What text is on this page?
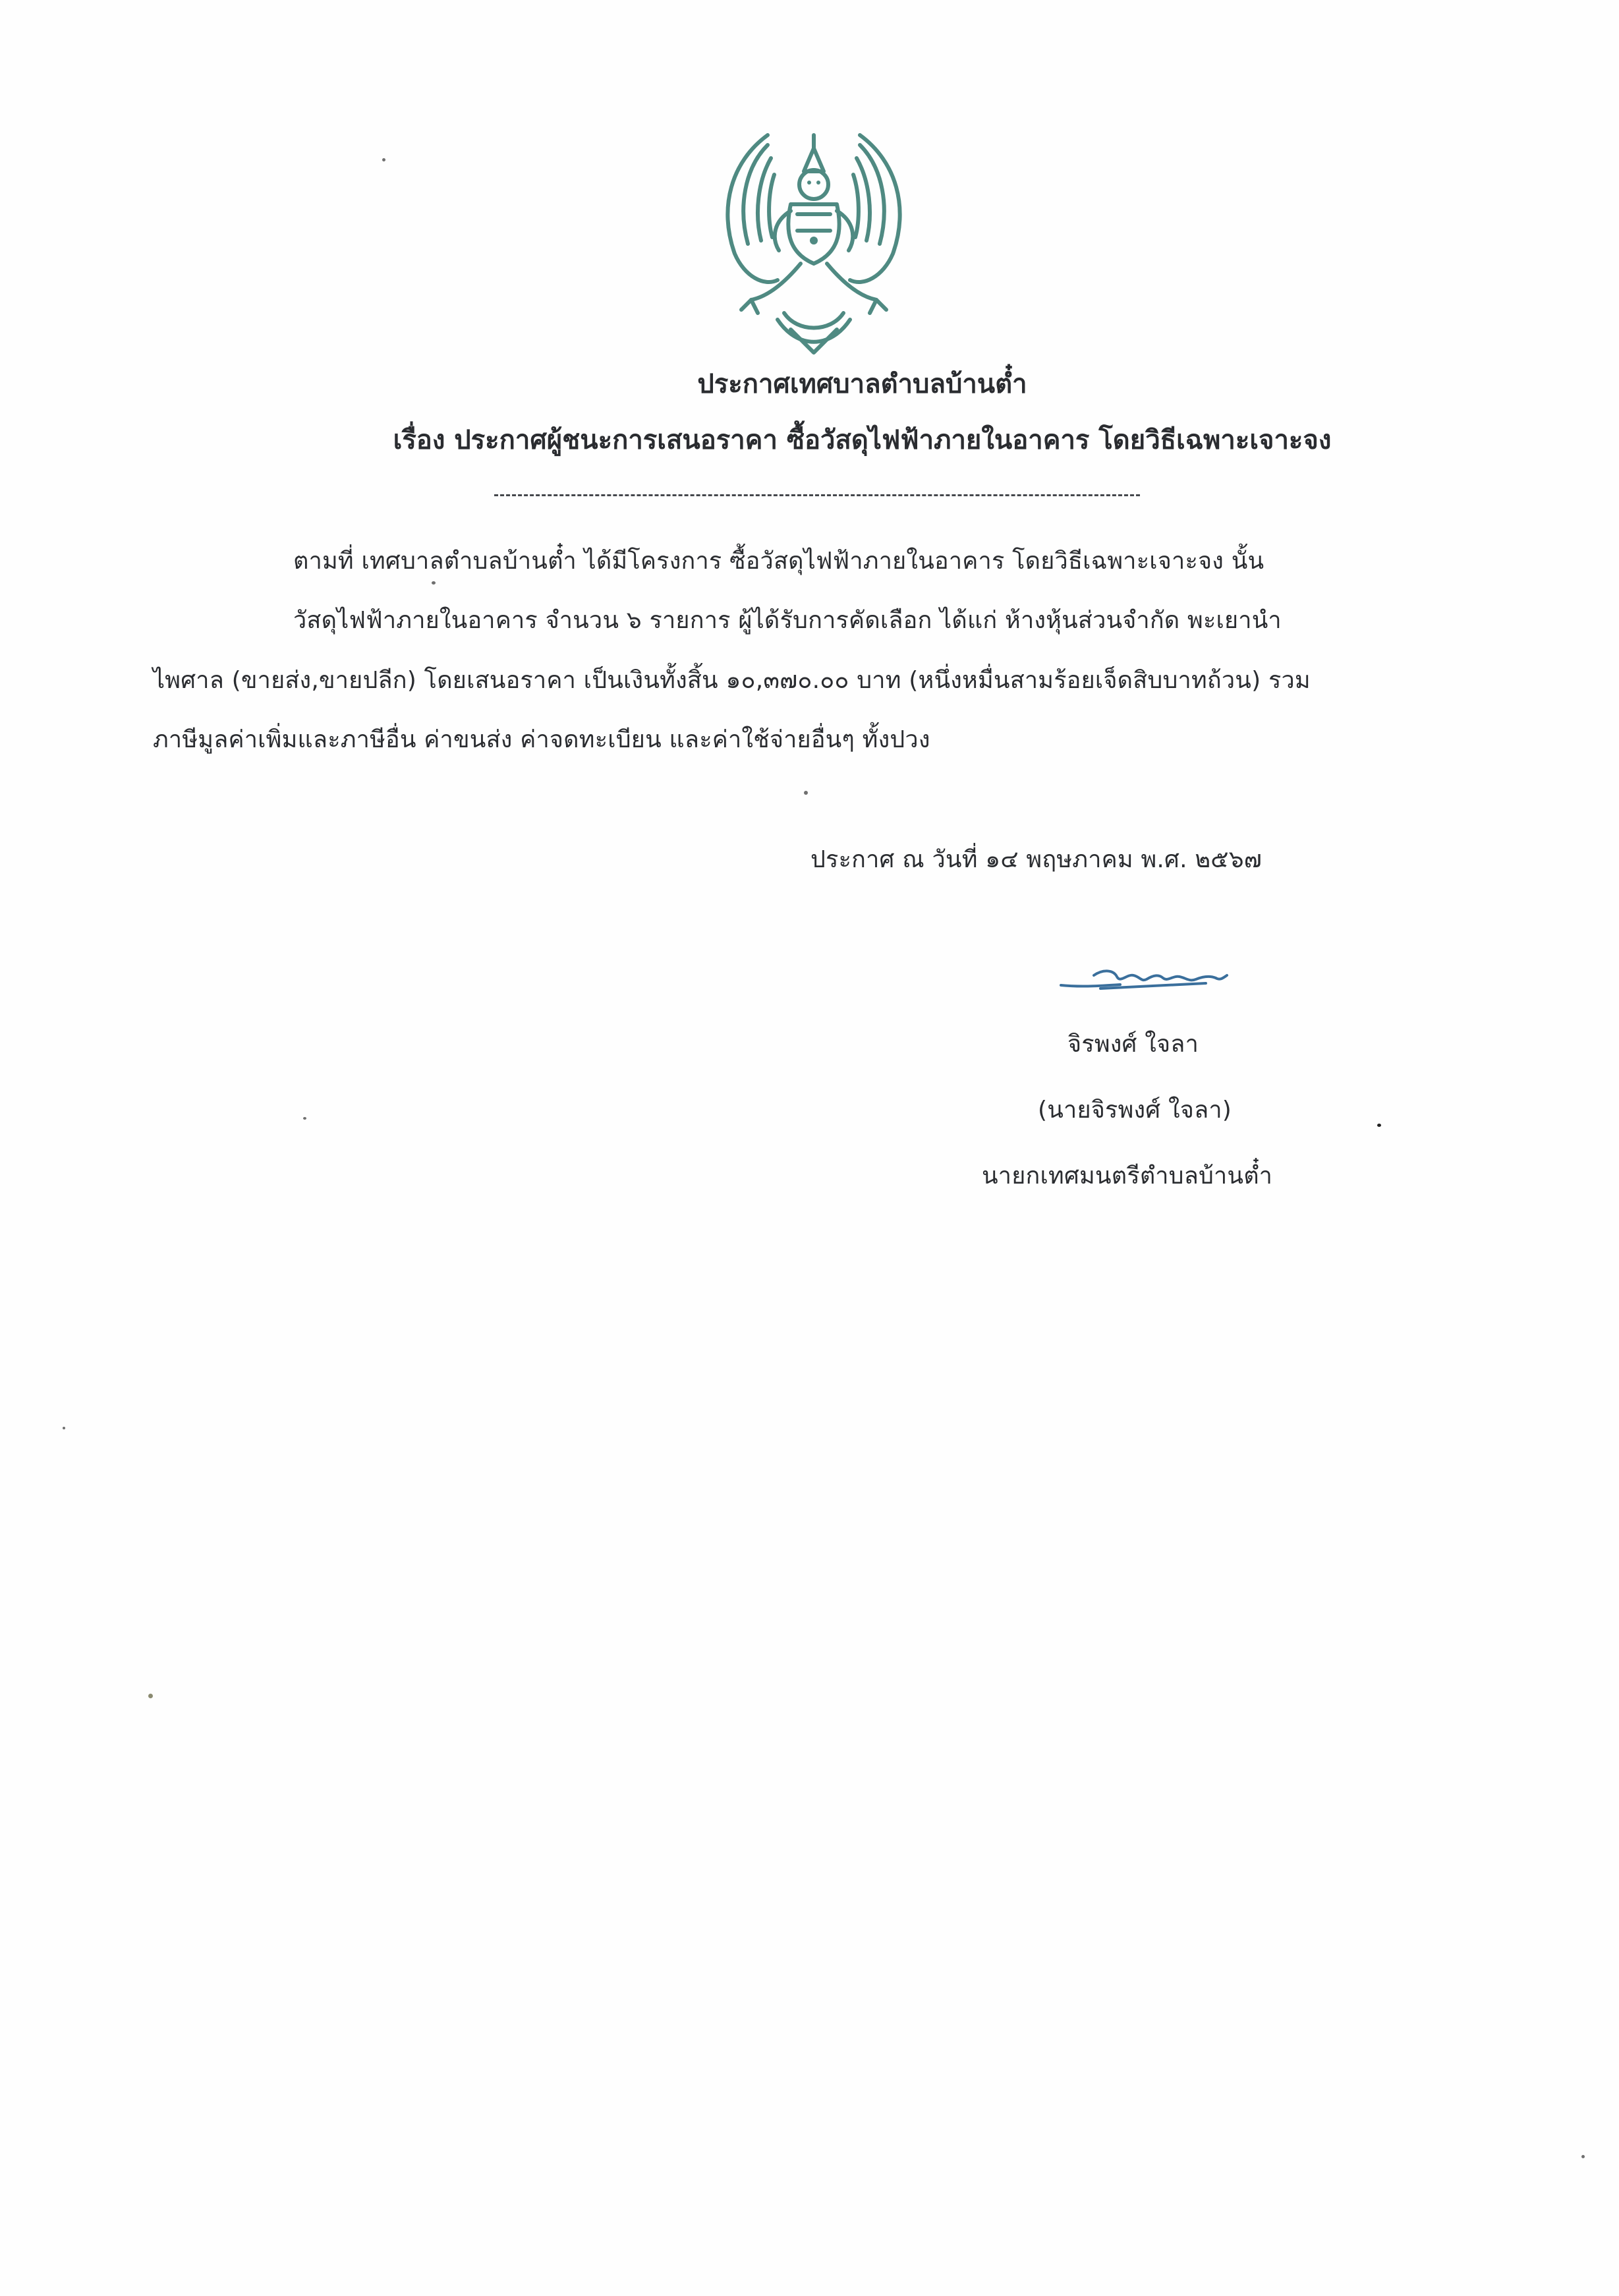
ประกาศเทศบาลตำบลบ้านต๋ำ
เรื่อง ประกาศผู้ชนะการเสนอราคา ซื้อวัสดุไฟฟ้าภายในอาคาร โดยวิธีเฉพาะเจาะจง
ตามที่ เทศบาลตำบลบ้านต๋ำ ได้มีโครงการ ซื้อวัสดุไฟฟ้าภายในอาคาร โดยวิธีเฉพาะเจาะจง นั้น
วัสดุไฟฟ้าภายในอาคาร จำนวน ๖ รายการ ผู้ได้รับการคัดเลือก ได้แก่ ห้างหุ้นส่วนจำกัด พะเยานำ
ไพศาล (ขายส่ง,ขายปลีก) โดยเสนอราคา เป็นเงินทั้งสิ้น ๑๐,๓๗๐.๐๐ บาท (หนึ่งหมื่นสามร้อยเจ็ดสิบบาทถ้วน) รวม
ภาษีมูลค่าเพิ่มและภาษีอื่น ค่าขนส่ง ค่าจดทะเบียน และค่าใช้จ่ายอื่นๆ ทั้งปวง
ประกาศ ณ วันที่ ๑๔ พฤษภาคม พ.ศ. ๒๕๖๗
จิรพงศ์ ใจลา
(นายจิรพงศ์ ใจลา)
นายกเทศมนตรีตำบลบ้านต๋ำ
